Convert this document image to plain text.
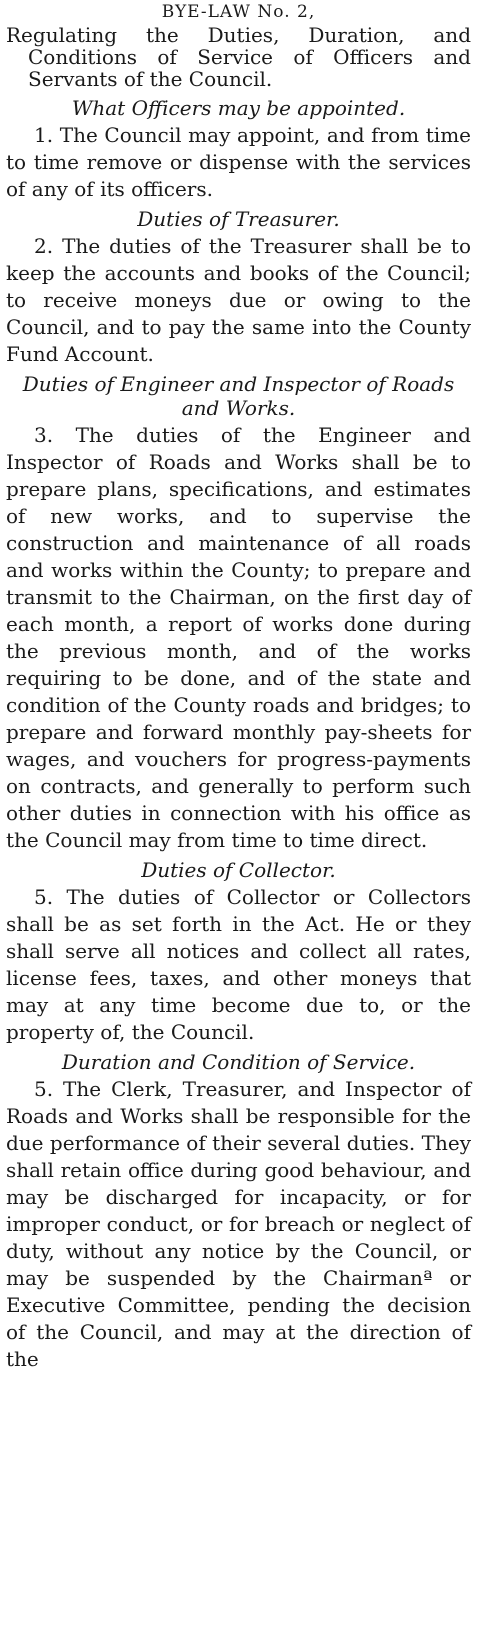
BYE-LAW No. 2,
Regulating the Duties, Duration, and Conditions of Service of Officers and Servants of the Council.
What Officers may be appointed.

1. The Council may appoint, and from time to time remove or dispense with the services of any of its officers.

Duties of Treasurer.

2. The duties of the Treasurer shall be to keep the accounts and books of the Council; to receive moneys due or owing to the Council, and to pay the same into the County Fund Account.

Duties of Engineer and Inspector of Roads and Works.

3. The duties of the Engineer and Inspector of Roads and Works shall be to prepare plans, specifications, and estimates of new works, and to supervise the construction and maintenance of all roads and works within the County; to prepare and transmit to the Chairman, on the first day of each month, a report of works done during the previous month, and of the works requiring to be done, and of the state and condition of the County roads and bridges; to prepare and forward monthly pay-sheets for wages, and vouchers for progress-payments on contracts, and generally to perform such other duties in connection with his office as the Council may from time to time direct.

Duties of Collector.

5. The duties of Collector or Collectors shall be as set forth in the Act. He or they shall serve all notices and collect all rates, license fees, taxes, and other moneys that may at any time become due to, or the property of, the Council.

Duration and Condition of Service.

5. The Clerk, Treasurer, and Inspector of Roads and Works shall be responsible for the due performance of their several duties. They shall retain office during good behaviour, and may be discharged for incapacity, or for improper conduct, or for breach or neglect of duty, without any notice by the Council, or may be suspended by the Chairmanª or Executive Committee, pending the decision of the Council, and may at the direction of the
